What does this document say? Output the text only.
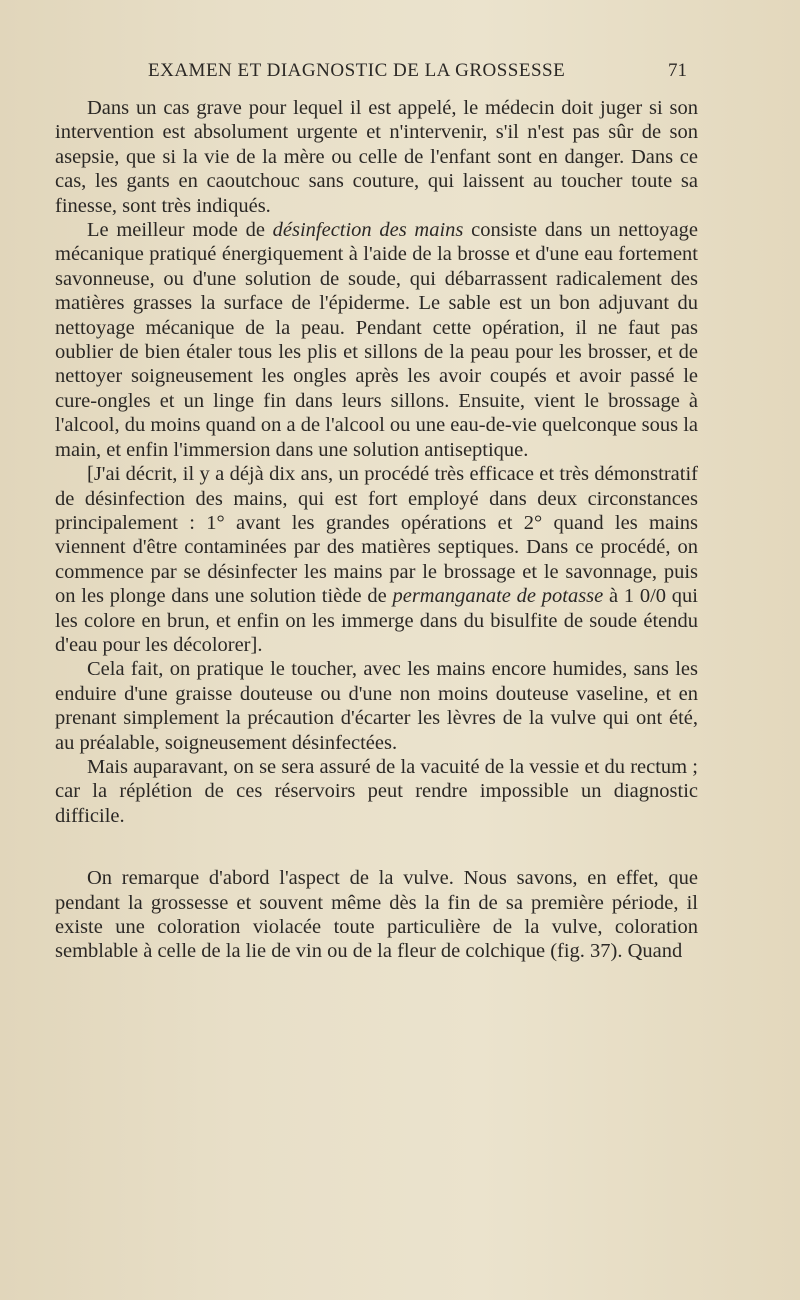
EXAMEN ET DIAGNOSTIC DE LA GROSSESSE	71

Dans un cas grave pour lequel il est appelé, le médecin doit juger si son intervention est absolument urgente et n'intervenir, s'il n'est pas sûr de son asepsie, que si la vie de la mère ou celle de l'enfant sont en danger. Dans ce cas, les gants en caoutchouc sans couture, qui laissent au toucher toute sa finesse, sont très indiqués.

Le meilleur mode de désinfection des mains consiste dans un nettoyage mécanique pratiqué énergiquement à l'aide de la brosse et d'une eau fortement savonneuse, ou d'une solution de soude, qui débarrassent radicalement des matières grasses la surface de l'épiderme. Le sable est un bon adjuvant du nettoyage mécanique de la peau. Pendant cette opération, il ne faut pas oublier de bien étaler tous les plis et sillons de la peau pour les brosser, et de nettoyer soigneusement les ongles après les avoir coupés et avoir passé le cure-ongles et un linge fin dans leurs sillons. Ensuite, vient le brossage à l'alcool, du moins quand on a de l'alcool ou une eau-de-vie quelconque sous la main, et enfin l'immersion dans une solution antiseptique.

[J'ai décrit, il y a déjà dix ans, un procédé très efficace et très démonstratif de désinfection des mains, qui est fort employé dans deux circonstances principalement : 1° avant les grandes opérations et 2° quand les mains viennent d'être contaminées par des matières septiques. Dans ce procédé, on commence par se désinfecter les mains par le brossage et le savonnage, puis on les plonge dans une solution tiède de permanganate de potasse à 1 0/0 qui les colore en brun, et enfin on les immerge dans du bisulfite de soude étendu d'eau pour les décolorer].

Cela fait, on pratique le toucher, avec les mains encore humides, sans les enduire d'une graisse douteuse ou d'une non moins douteuse vaseline, et en prenant simplement la précaution d'écarter les lèvres de la vulve qui ont été, au préalable, soigneusement désinfectées.

Mais auparavant, on se sera assuré de la vacuité de la vessie et du rectum ; car la réplétion de ces réservoirs peut rendre impossible un diagnostic difficile.

On remarque d'abord l'aspect de la vulve. Nous savons, en effet, que pendant la grossesse et souvent même dès la fin de sa première période, il existe une coloration violacée toute particulière de la vulve, coloration semblable à celle de la lie de vin ou de la fleur de colchique (fig. 37). Quand
